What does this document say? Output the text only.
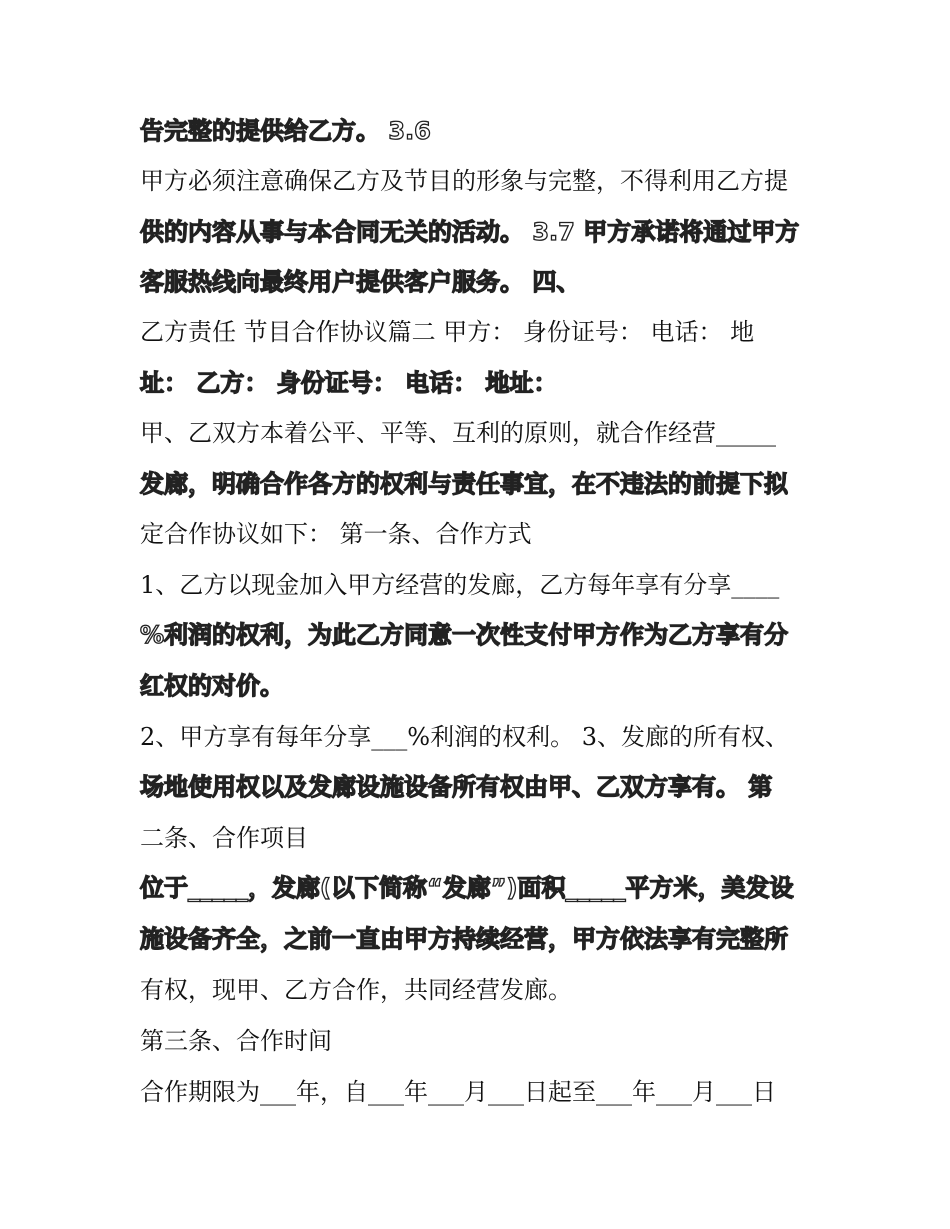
告完整的提供给乙方。 3.6
甲方必须注意确保乙方及节目的形象与完整，不得利用乙方提
供的内容从事与本合同无关的活动。 3.7 甲方承诺将通过甲方
客服热线向最终用户提供客户服务。 四、
乙方责任 节目合作协议篇二 甲方： 身份证号： 电话： 地
址： 乙方： 身份证号： 电话： 地址：
甲、乙双方本着公平、平等、互利的原则，就合作经营_____
发廊，明确合作各方的权利与责任事宜，在不违法的前提下拟
定合作协议如下： 第一条、合作方式
1、乙方以现金加入甲方经营的发廊，乙方每年享有分享____
%利润的权利，为此乙方同意一次性支付甲方作为乙方享有分
红权的对价。
2、甲方享有每年分享___%利润的权利。 3、发廊的所有权、
场地使用权以及发廊设施设备所有权由甲、乙双方享有。 第
二条、合作项目
位于_____，发廊(以下简称“发廊”)面积_____平方米，美发设
施设备齐全，之前一直由甲方持续经营，甲方依法享有完整所
有权，现甲、乙方合作，共同经营发廊。
第三条、合作时间
合作期限为___年，自___年___月___日起至___年___月___日
